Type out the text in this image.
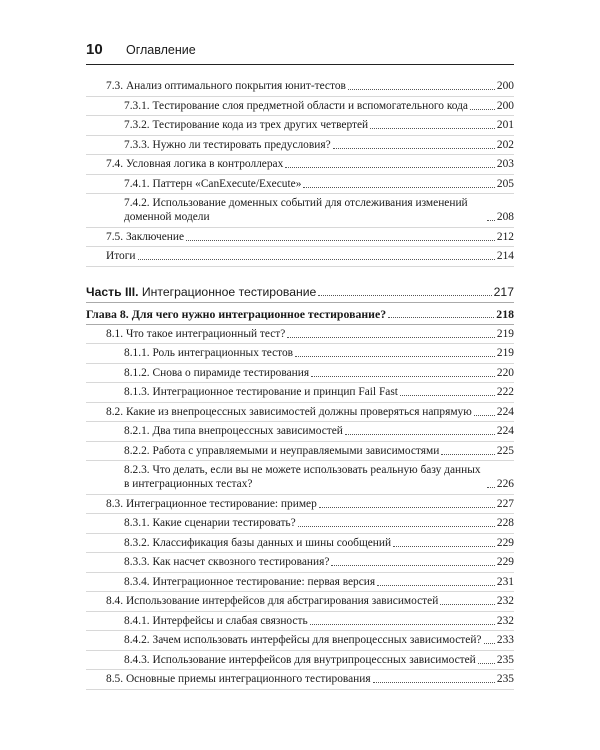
10	Оглавление
7.3. Анализ оптимального покрытия юнит-тестов	200
7.3.1. Тестирование слоя предметной области и вспомогательного кода	200
7.3.2. Тестирование кода из трех других четвертей	201
7.3.3. Нужно ли тестировать предусловия?	202
7.4. Условная логика в контроллерах	203
7.4.1. Паттерн «CanExecute/Execute»	205
7.4.2. Использование доменных событий для отслеживания изменений доменной модели	208
7.5. Заключение	212
Итоги	214
Часть III. Интеграционное тестирование	217
Глава 8. Для чего нужно интеграционное тестирование?	218
8.1. Что такое интеграционный тест?	219
8.1.1. Роль интеграционных тестов	219
8.1.2. Снова о пирамиде тестирования	220
8.1.3. Интеграционное тестирование и принцип Fail Fast	222
8.2. Какие из внепроцессных зависимостей должны проверяться напрямую 224
8.2.1. Два типа внепроцессных зависимостей	224
8.2.2. Работа с управляемыми и неуправляемыми зависимостями	225
8.2.3. Что делать, если вы не можете использовать реальную базу данных в интеграционных тестах?	226
8.3. Интеграционное тестирование: пример	227
8.3.1. Какие сценарии тестировать?	228
8.3.2. Классификация базы данных и шины сообщений	229
8.3.3. Как насчет сквозного тестирования?	229
8.3.4. Интеграционное тестирование: первая версия	231
8.4. Использование интерфейсов для абстрагирования зависимостей	232
8.4.1. Интерфейсы и слабая связность	232
8.4.2. Зачем использовать интерфейсы для внепроцессных зависимостей? 233
8.4.3. Использование интерфейсов для внутрипроцессных зависимостей 235
8.5. Основные приемы интеграционного тестирования	235
